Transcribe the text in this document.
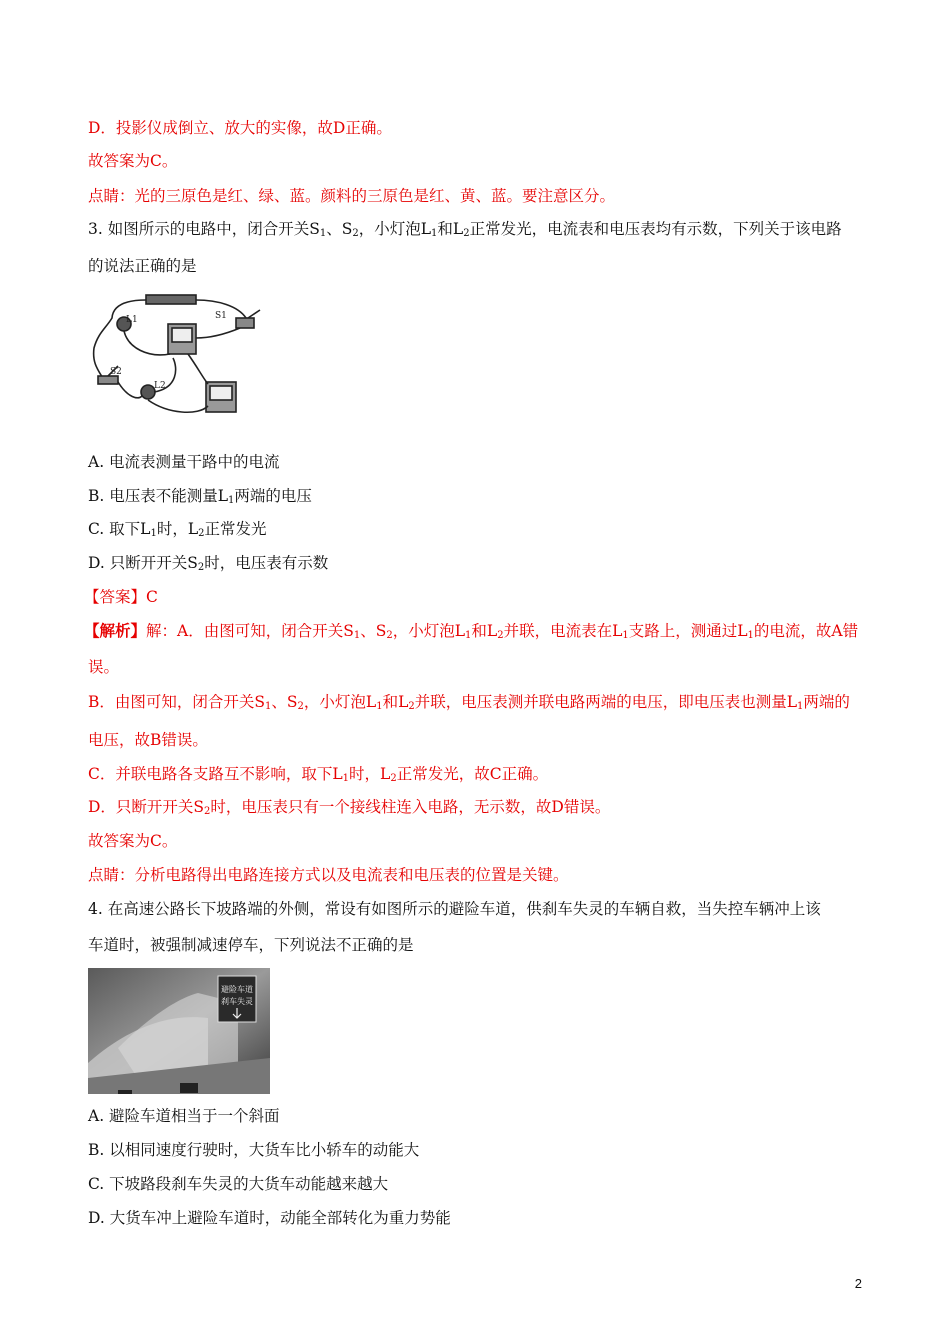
D．投影仪成倒立、放大的实像，故D正确。
故答案为C。
点睛：光的三原色是红、绿、蓝。颜料的三原色是红、黄、蓝。要注意区分。
3. 如图所示的电路中，闭合开关$S_1$、$S_2$，小灯泡$L_1$和$L_2$正常发光，电流表和电压表均有示数，下列关于该电路
的说法正确的是
L1	S1
S2
L2
A. 电流表测量干路中的电流
B. 电压表不能测量$L_1$两端的电压
C. 取下$L_1$时，$L_2$正常发光
D. 只断开开关$S_2$时，电压表有示数
【答案】C
【解析】解：A．由图可知，闭合开关$S_1$、$S_2$，小灯泡$L_1$和$L_2$并联，电流表在$L_1$支路上，测通过$L_1$的电流，故A错
误。
B．由图可知，闭合开关$S_1$、$S_2$，小灯泡$L_1$和$L_2$并联，电压表测并联电路两端的电压，即电压表也测量$L_1$两端的
电压，故B错误。
C．并联电路各支路互不影响，取下$L_1$时，$L_2$正常发光，故C正确。
D．只断开开关$S_2$时，电压表只有一个接线柱连入电路，无示数，故D错误。
故答案为C。
点睛：分析电路得出电路连接方式以及电流表和电压表的位置是关键。
4. 在高速公路长下坡路端的外侧，常设有如图所示的避险车道，供刹车失灵的车辆自救，当失控车辆冲上该
车道时，被强制减速停车，下列说法不正确的是
避险车道
刹车失灵
A. 避险车道相当于一个斜面
B. 以相同速度行驶时，大货车比小轿车的动能大
C. 下坡路段刹车失灵的大货车动能越来越大
D. 大货车冲上避险车道时，动能全部转化为重力势能
2
